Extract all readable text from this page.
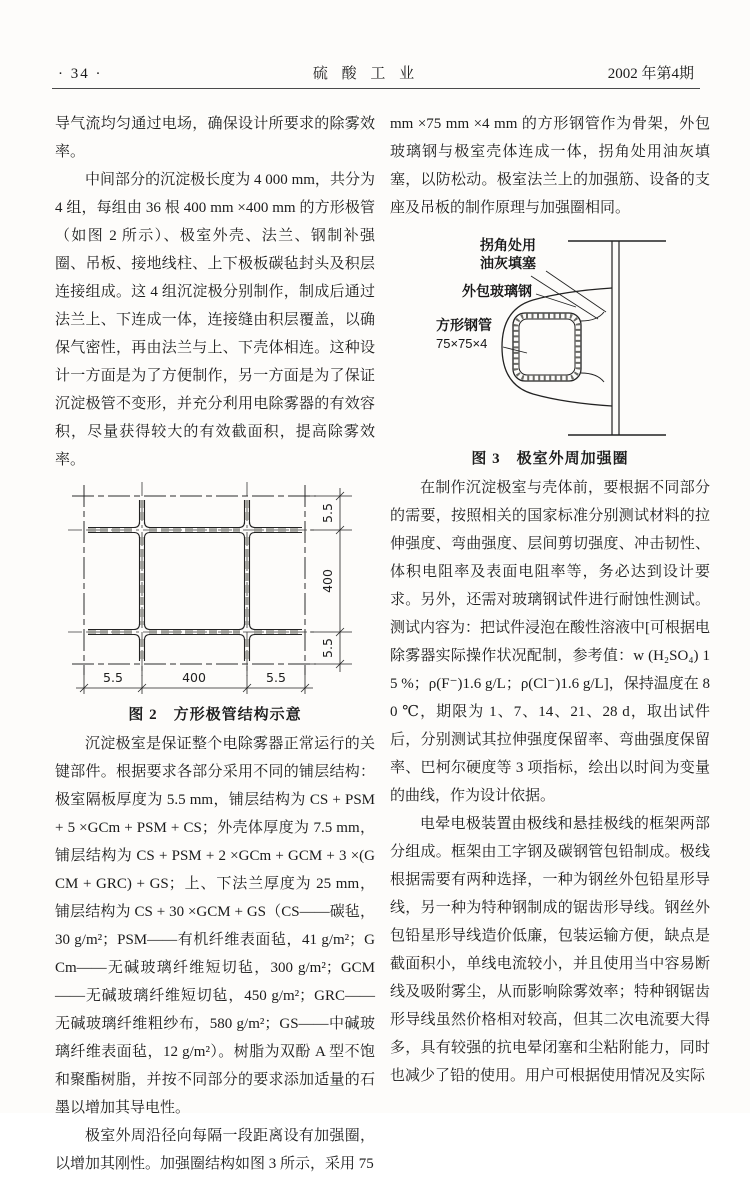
· 34 ·	硫 酸 工 业	2002 年第4期

导气流均匀通过电场，确保设计所要求的除雾效率。

中间部分的沉淀极长度为 4 000 mm，共分为 4 组，每组由 36 根 400 mm ×400 mm 的方形极管（如图 2 所示）、极室外壳、法兰、钢制补强圈、吊板、接地线柱、上下极板碳毡封头及积层连接组成。这 4 组沉淀极分别制作，制成后通过法兰上、下连成一体，连接缝由积层覆盖，以确保气密性，再由法兰与上、下壳体相连。这种设计一方面是为了方便制作，另一方面是为了保证沉淀极管不变形，并充分利用电除雾器的有效容积，尽量获得较大的有效截面积，提高除雾效率。

5.5
400
5.5
5.5	400	5.5
图 2　方形极管结构示意

沉淀极室是保证整个电除雾器正常运行的关键部件。根据要求各部分采用不同的铺层结构：极室隔板厚度为 5.5 mm，铺层结构为 CS + PSM + 5 ×GCm + PSM + CS；外壳体厚度为 7.5 mm，铺层结构为 CS + PSM + 2 ×GCm + GCM + 3 ×(GCM + GRC) + GS；上、下法兰厚度为 25 mm，铺层结构为 CS + 30 ×GCM + GS（CS——碳毡，30 g/m²；PSM——有机纤维表面毡，41 g/m²；GCm——无碱玻璃纤维短切毡，300 g/m²；GCM——无碱玻璃纤维短切毡，450 g/m²；GRC——无碱玻璃纤维粗纱布，580 g/m²；GS——中碱玻璃纤维表面毡，12 g/m²）。树脂为双酚 A 型不饱和聚酯树脂，并按不同部分的要求添加适量的石墨以增加其导电性。

极室外周沿径向每隔一段距离设有加强圈，以增加其刚性。加强圈结构如图 3 所示，采用 75

mm ×75 mm ×4 mm 的方形钢管作为骨架，外包玻璃钢与极室壳体连成一体，拐角处用油灰填塞，以防松动。极室法兰上的加强筋、设备的支座及吊板的制作原理与加强圈相同。

拐角处用
油灰填塞
外包玻璃钢
方形钢管
75×75×4
图 3　极室外周加强圈

在制作沉淀极室与壳体前，要根据不同部分的需要，按照相关的国家标准分别测试材料的拉伸强度、弯曲强度、层间剪切强度、冲击韧性、体积电阻率及表面电阻率等，务必达到设计要求。另外，还需对玻璃钢试件进行耐蚀性测试。测试内容为：把试件浸泡在酸性溶液中[可根据电除雾器实际操作状况配制，参考值：w (H₂SO₄) 15 %；ρ(F⁻)1.6 g/L；ρ(Cl⁻)1.6 g/L]，保持温度在 80 ℃，期限为 1、7、14、21、28 d，取出试件后，分别测试其拉伸强度保留率、弯曲强度保留率、巴柯尔硬度等 3 项指标，绘出以时间为变量的曲线，作为设计依据。

电晕电极装置由极线和悬挂极线的框架两部分组成。框架由工字钢及碳钢管包铅制成。极线根据需要有两种选择，一种为钢丝外包铅星形导线，另一种为特种钢制成的锯齿形导线。钢丝外包铅星形导线造价低廉，包装运输方便，缺点是截面积小，单线电流较小，并且使用当中容易断线及吸附雾尘，从而影响除雾效率；特种钢锯齿形导线虽然价格相对较高，但其二次电流要大得多，具有较强的抗电晕闭塞和尘粘附能力，同时也减少了铅的使用。用户可根据使用情况及实际
